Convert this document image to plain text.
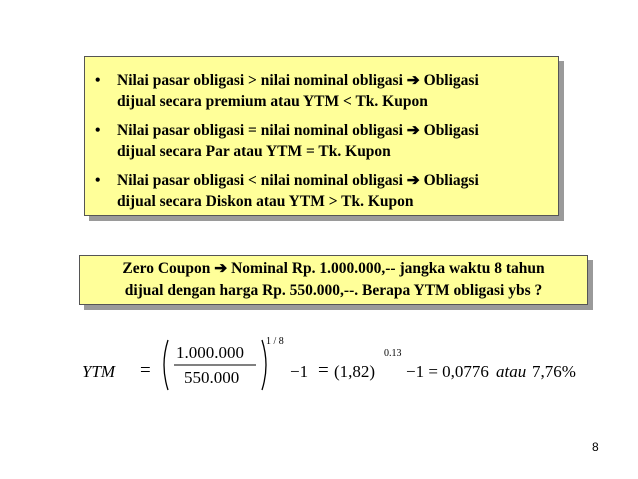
• Nilai pasar obligasi > nilai nominal obligasi ➔ Obligasi
dijual secara premium atau YTM < Tk. Kupon
• Nilai pasar obligasi = nilai nominal obligasi ➔ Obligasi
dijual secara Par atau YTM = Tk. Kupon
• Nilai pasar obligasi < nilai nominal obligasi ➔ Obliagsi
dijual secara Diskon atau YTM > Tk. Kupon
Zero Coupon ➔ Nominal Rp. 1.000.000,-- jangka waktu 8 tahun
dijual dengan harga Rp. 550.000,--. Berapa YTM obligasi ybs ?
YTM =
1.000.000
550.000
1 / 8
−1 = (1,82)
0.13
−1 = 0,0776 atau 7,76%
8
